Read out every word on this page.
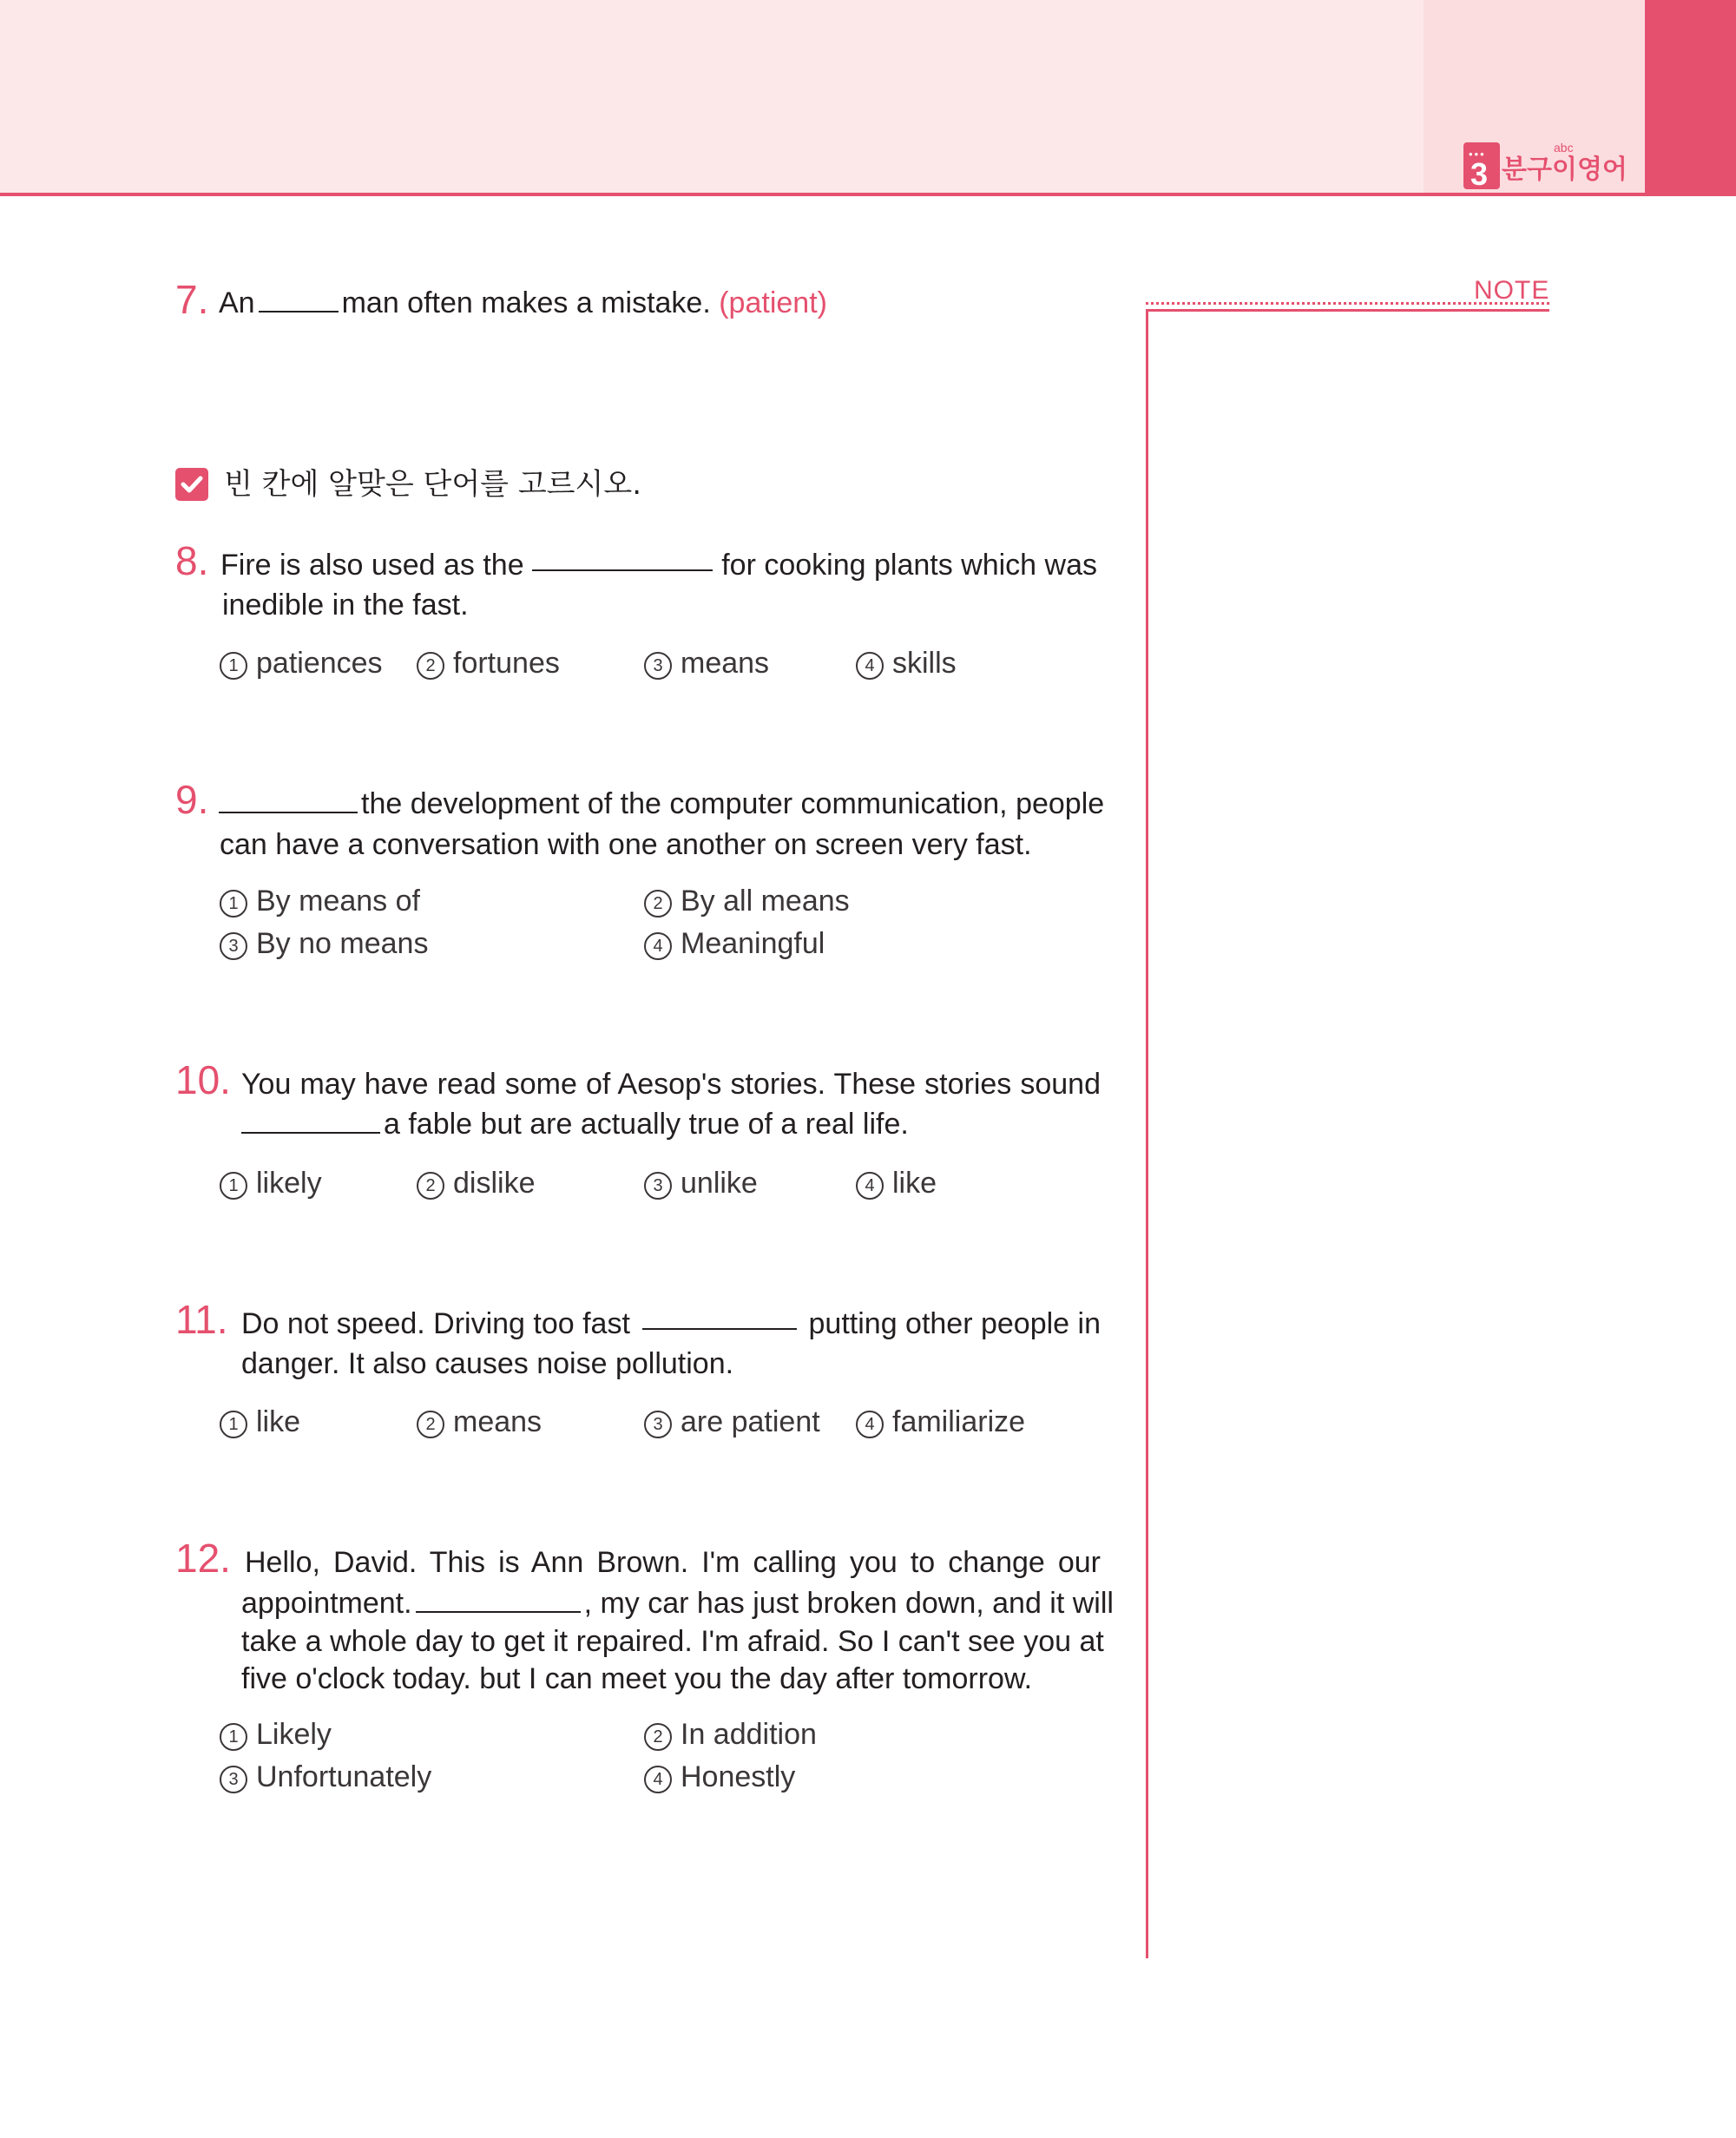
•••
3
abc
분구이영어
NOTE
7. An	man often makes a mistake. (patient)
빈 칸에 알맞은 단어를 고르시오.
8. Fire is also used as the	for cooking plants which was
inedible in the fast.
1 patiences	2 fortunes	3 means	4 skills
9.	the development of the computer communication, people
can have a conversation with one another on screen very fast.
1 By means of	2 By all means
3 By no means	4 Meaningful
10. You may have read some of Aesop's stories. These stories sound
a fable but are actually true of a real life.
1 likely	2 dislike	3 unlike	4 like
11. Do not speed. Driving too fast	putting other people in
danger. It also causes noise pollution.
1 like	2 means	3 are patient	4 familiarize
12. Hello, David. This is Ann Brown. I'm calling you to change our
appointment.	, my car has just broken down, and it will
take a whole day to get it repaired. I'm afraid. So I can't see you at
five o'clock today. but I can meet you the day after tomorrow.
1 Likely	2 In addition
3 Unfortunately	4 Honestly
